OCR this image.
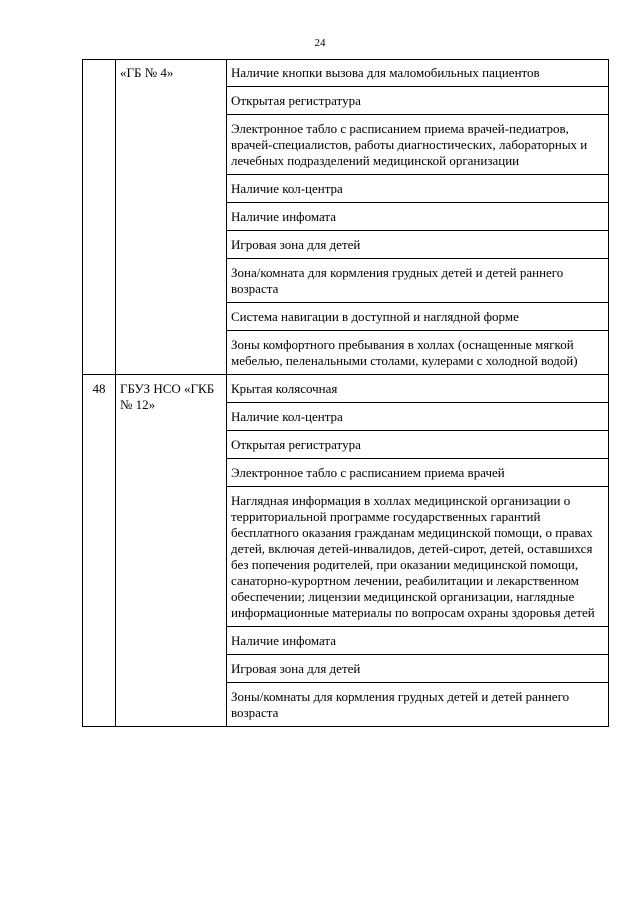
24
	«ГБ № 4»	Наличие кнопки вызова для маломобильных пациентов
		Открытая регистратура
		Электронное табло с расписанием приема врачей-педиатров, врачей-специалистов, работы диагностических, лабораторных и лечебных подразделений медицинской организации
		Наличие кол-центра
		Наличие инфомата
		Игровая зона для детей
		Зона/комната для кормления грудных детей и детей раннего возраста
		Система навигации в доступной и наглядной форме
		Зоны комфортного пребывания в холлах (оснащенные мягкой мебелью, пеленальными столами, кулерами с холодной водой)
48	ГБУЗ НСО «ГКБ № 12»	Крытая колясочная
		Наличие кол-центра
		Открытая регистратура
		Электронное табло с расписанием приема врачей
		Наглядная информация в холлах медицинской организации о территориальной программе государственных гарантий бесплатного оказания гражданам медицинской помощи, о правах детей, включая детей-инвалидов, детей-сирот, детей, оставшихся без попечения родителей, при оказании медицинской помощи, санаторно-курортном лечении, реабилитации и лекарственном обеспечении; лицензии медицинской организации, наглядные информационные материалы по вопросам охраны здоровья детей
		Наличие инфомата
		Игровая зона для детей
		Зоны/комнаты для кормления грудных детей и детей раннего возраста
